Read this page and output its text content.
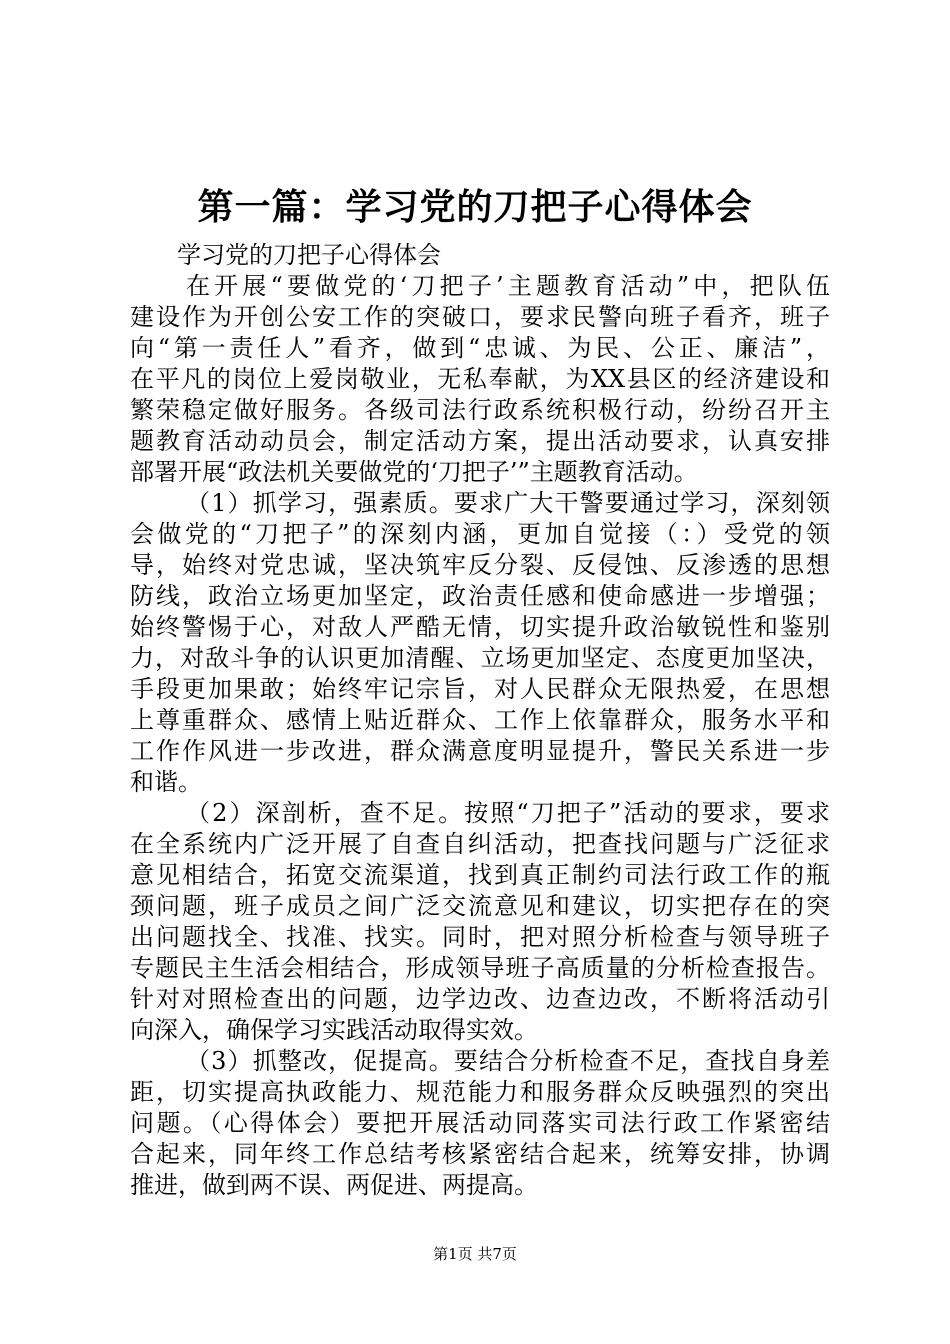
第一篇：学习党的刀把子心得体会
学习党的刀把子心得体会
在开展“要做党的‘刀把子’主题教育活动”中，把队伍
建设作为开创公安工作的突破口，要求民警向班子看齐，班子
向“第一责任人”看齐，做到“忠诚、为民、公正、廉洁”，
在平凡的岗位上爱岗敬业，无私奉献，为XX县区的经济建设和
繁荣稳定做好服务。各级司法行政系统积极行动，纷纷召开主
题教育活动动员会，制定活动方案，提出活动要求，认真安排
部署开展“政法机关要做党的‘刀把子’”主题教育活动。
（1）抓学习，强素质。要求广大干警要通过学习，深刻领
会做党的“刀把子”的深刻内涵，更加自觉接（：）受党的领
导，始终对党忠诚，坚决筑牢反分裂、反侵蚀、反渗透的思想
防线，政治立场更加坚定，政治责任感和使命感进一步增强；
始终警惕于心，对敌人严酷无情，切实提升政治敏锐性和鉴别
力，对敌斗争的认识更加清醒、立场更加坚定、态度更加坚决，
手段更加果敢；始终牢记宗旨，对人民群众无限热爱，在思想
上尊重群众、感情上贴近群众、工作上依靠群众，服务水平和
工作作风进一步改进，群众满意度明显提升，警民关系进一步
和谐。
（2）深剖析，查不足。按照“刀把子”活动的要求，要求
在全系统内广泛开展了自查自纠活动，把查找问题与广泛征求
意见相结合，拓宽交流渠道，找到真正制约司法行政工作的瓶
颈问题，班子成员之间广泛交流意见和建议，切实把存在的突
出问题找全、找准、找实。同时，把对照分析检查与领导班子
专题民主生活会相结合，形成领导班子高质量的分析检查报告。
针对对照检查出的问题，边学边改、边查边改，不断将活动引
向深入，确保学习实践活动取得实效。
（3）抓整改，促提高。要结合分析检查不足，查找自身差
距，切实提高执政能力、规范能力和服务群众反映强烈的突出
问题。（心得体会）要把开展活动同落实司法行政工作紧密结
合起来，同年终工作总结考核紧密结合起来，统筹安排，协调
推进，做到两不误、两促进、两提高。
第1页 共7页
